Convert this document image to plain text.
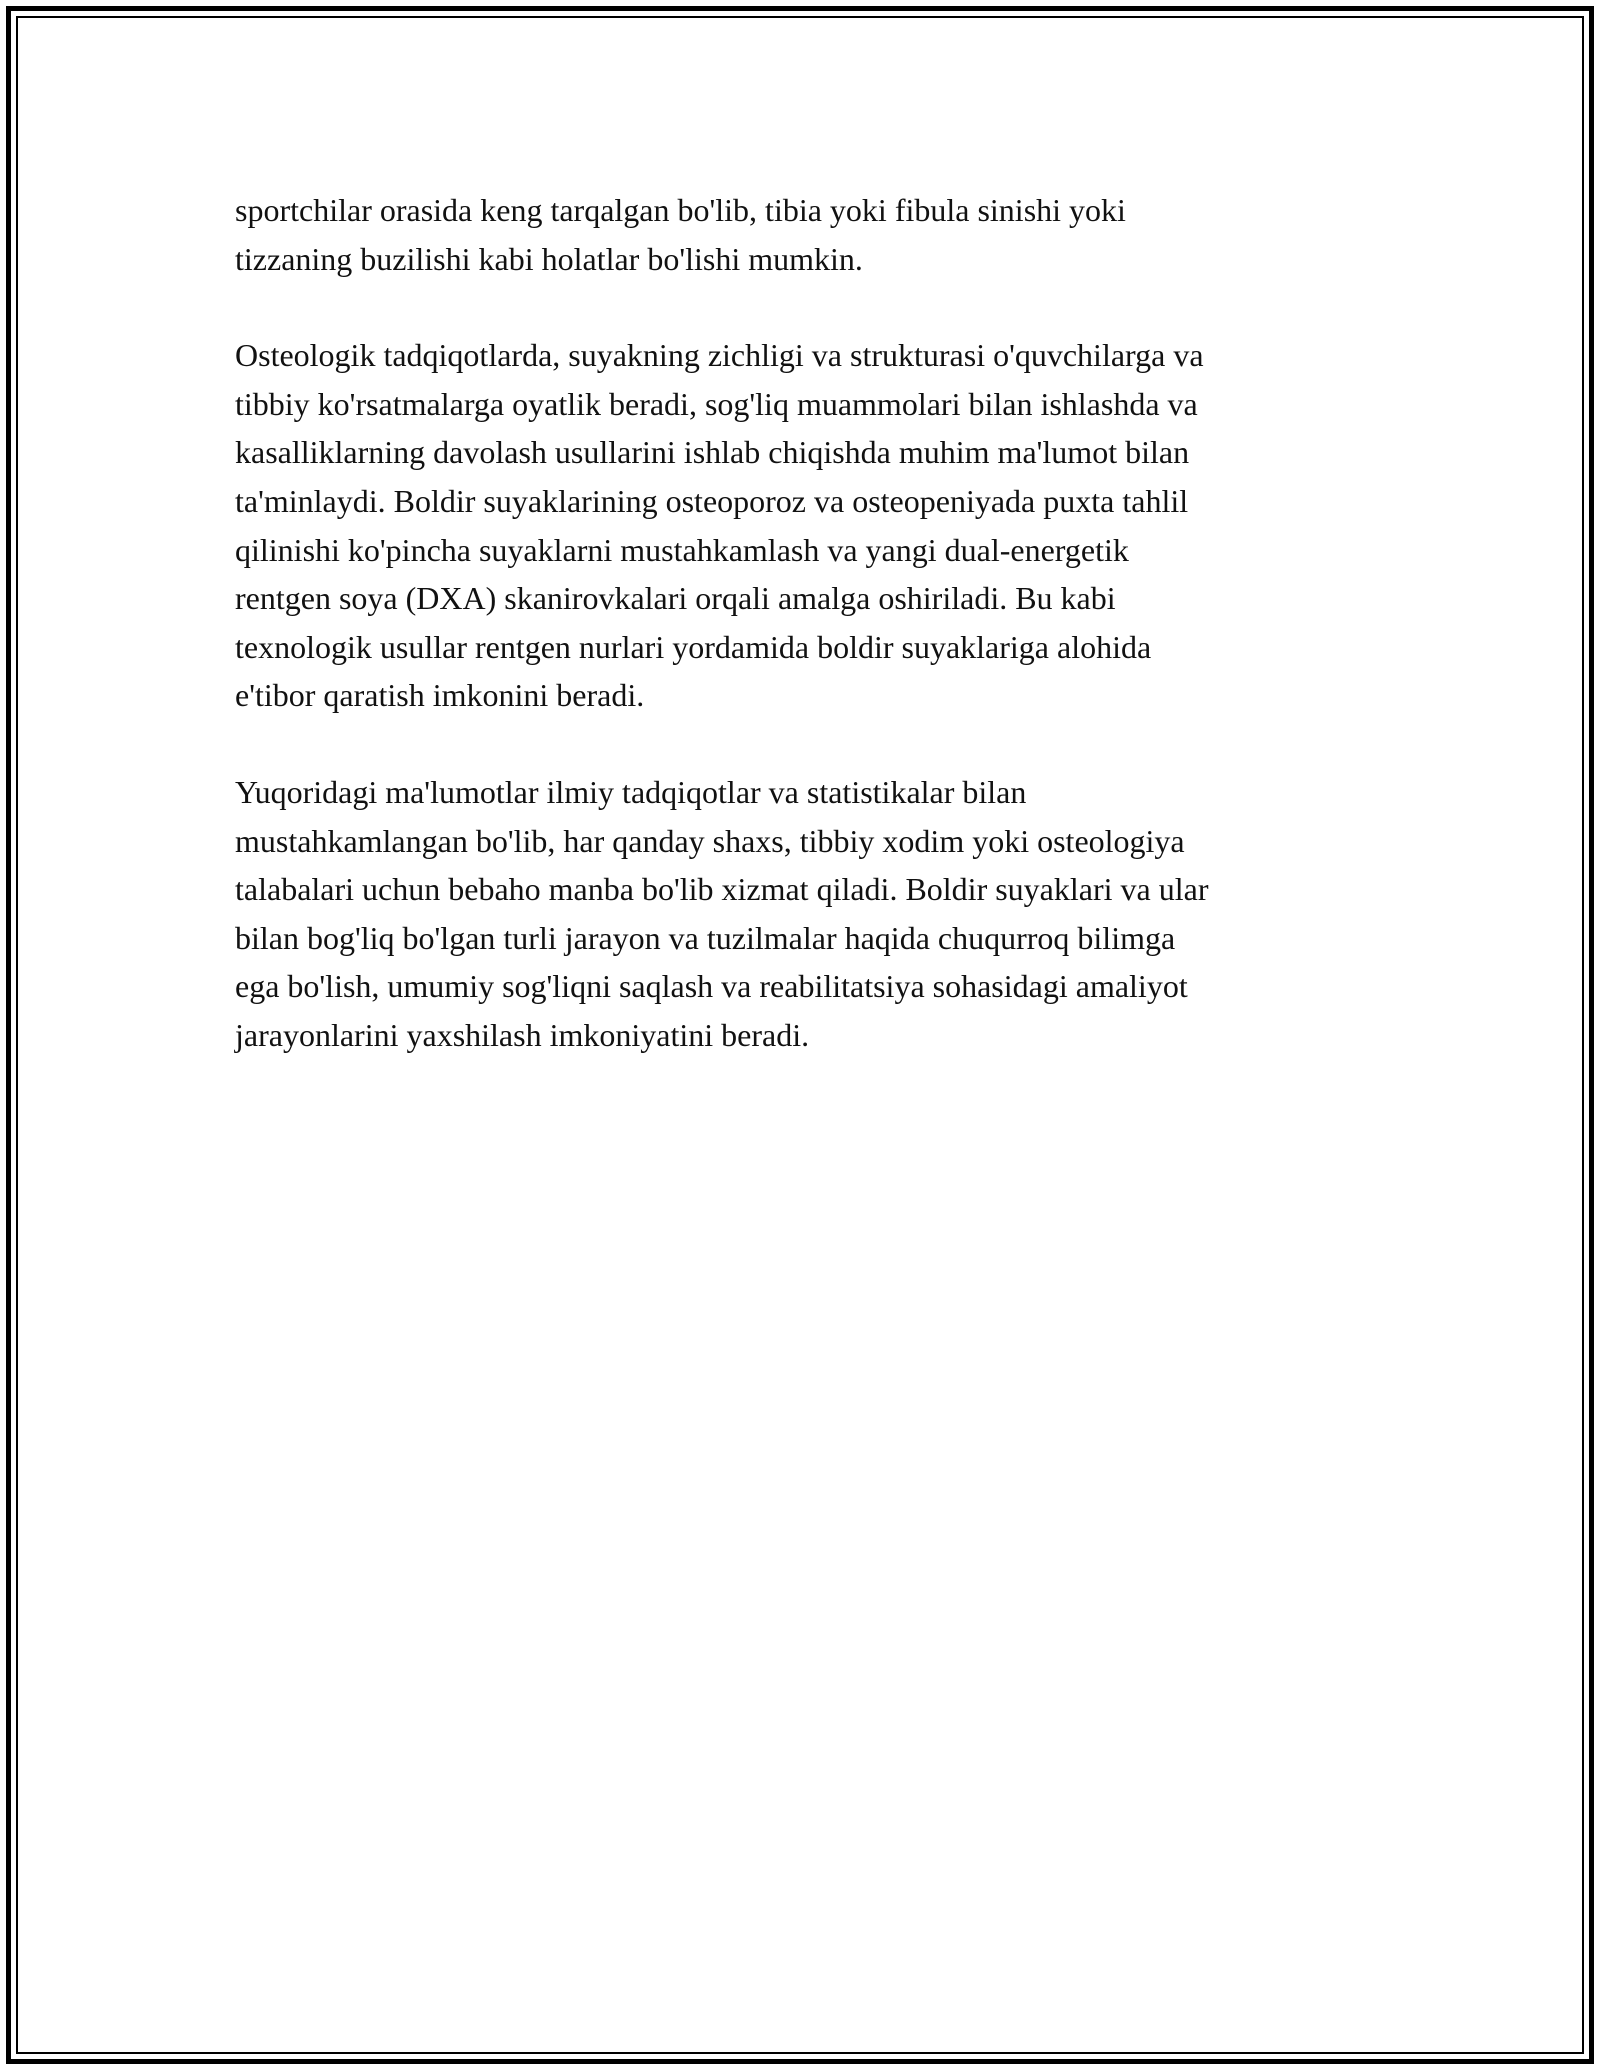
sportchilar orasida keng tarqalgan bo'lib, tibia yoki fibula sinishi yoki
tizzaning buzilishi kabi holatlar bo'lishi mumkin.

Osteologik tadqiqotlarda, suyakning zichligi va strukturasi o'quvchilarga va
tibbiy ko'rsatmalarga oyatlik beradi, sog'liq muammolari bilan ishlashda va
kasalliklarning davolash usullarini ishlab chiqishda muhim ma'lumot bilan
ta'minlaydi. Boldir suyaklarining osteoporoz va osteopeniyada puxta tahlil
qilinishi ko'pincha suyaklarni mustahkamlash va yangi dual-energetik
rentgen soya (DXA) skanirovkalari orqali amalga oshiriladi. Bu kabi
texnologik usullar rentgen nurlari yordamida boldir suyaklariga alohida
e'tibor qaratish imkonini beradi.

Yuqoridagi ma'lumotlar ilmiy tadqiqotlar va statistikalar bilan
mustahkamlangan bo'lib, har qanday shaxs, tibbiy xodim yoki osteologiya
talabalari uchun bebaho manba bo'lib xizmat qiladi. Boldir suyaklari va ular
bilan bog'liq bo'lgan turli jarayon va tuzilmalar haqida chuqurroq bilimga
ega bo'lish, umumiy sog'liqni saqlash va reabilitatsiya sohasidagi amaliyot
jarayonlarini yaxshilash imkoniyatini beradi.
